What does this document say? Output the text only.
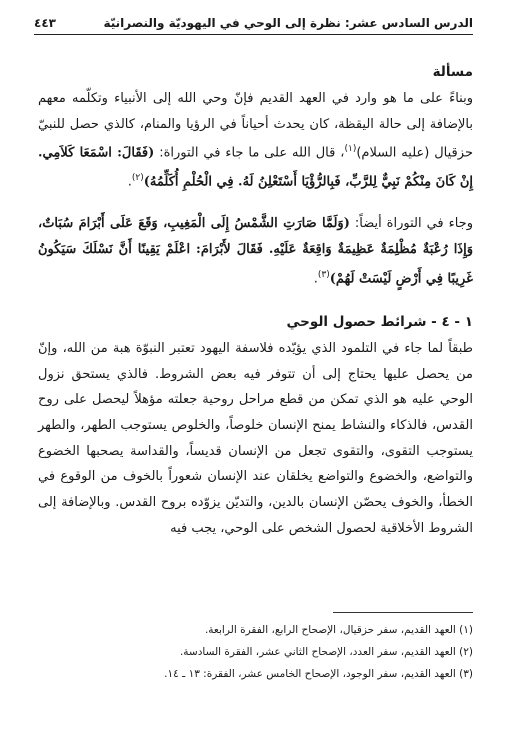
الدرس السادس عشر: نظرة إلى الوحي في اليهوديّة والنصرانيّة
٤٤٣
مسألة

وبناءً على ما هو وارد في العهد القديم فإنّ وحي الله إلى الأنبياء وتكلّمه معهم بالإضافة إلى حالة اليقظة، كان يحدث أحياناً في الرؤيا والمنام، كالذي حصل للنبيّ حزقيال (عليه السلام)$^{(١)}$، قال الله على ما جاء في التوراة: (فَقَالَ: اسْمَعَا كَلاَمِي. إِنْ كَانَ مِنْكُمْ نَبِيٌّ لِلرَّبِّ، فَبِالرُّؤْيَا أَسْتَعْلِنُ لَهُ. فِي الْحُلْمِ أُكَلِّمُهُ)$^{(٢)}$.

وجاء في التوراة أيضاً: (وَلَمَّا صَارَتِ الشَّمْسُ إِلَى الْمَغِيبِ، وَقَعَ عَلَى أَبْرَامَ سُبَاتٌ، وَإِذَا رُعْبَةٌ مُظْلِمَةٌ عَظِيمَةٌ وَاقِعَةٌ عَلَيْهِ. فَقَالَ لأَبْرَامَ: اعْلَمْ يَقِينًا أَنَّ نَسْلَكَ سَيَكُونُ غَرِيبًا فِي أَرْضٍ لَيْسَتْ لَهُمْ)$^{(٣)}$.

١ - ٤ - شرائط حصول الوحي

طبقاً لما جاء في التلمود الذي يؤيّده فلاسفة اليهود تعتبر النبوّة هبة من الله، وإنّ من يحصل عليها يحتاج إلى أن تتوفر فيه بعض الشروط. فالذي يستحق نزول الوحي عليه هو الذي تمكن من قطع مراحل روحية جعلته مؤهلاً ليحصل على روح القدس، فالذكاء والنشاط يمنح الإنسان خلوصاً، والخلوص يستوجب الطهر، والطهر يستوجب التقوى، والتقوى تجعل من الإنسان قديساً، والقداسة يصحبها الخضوع والتواضع، والخضوع والتواضع يخلقان عند الإنسان شعوراً بالخوف من الوقوع في الخطأ، والخوف يحصّن الإنسان بالدين، والتديّن يزوّده بروح القدس. وبالإضافة إلى الشروط الأخلاقية لحصول الشخص على الوحي، يجب فيه

(١) العهد القديم، سفر حزقيال، الإصحاح الرابع، الفقرة الرابعة.
(٢) العهد القديم، سفر العدد، الإصحاح الثاني عشر، الفقرة السادسة.
(٣) العهد القديم، سفر الوجود، الإصحاح الخامس عشر، الفقرة: ١٣ ـ ١٤.
